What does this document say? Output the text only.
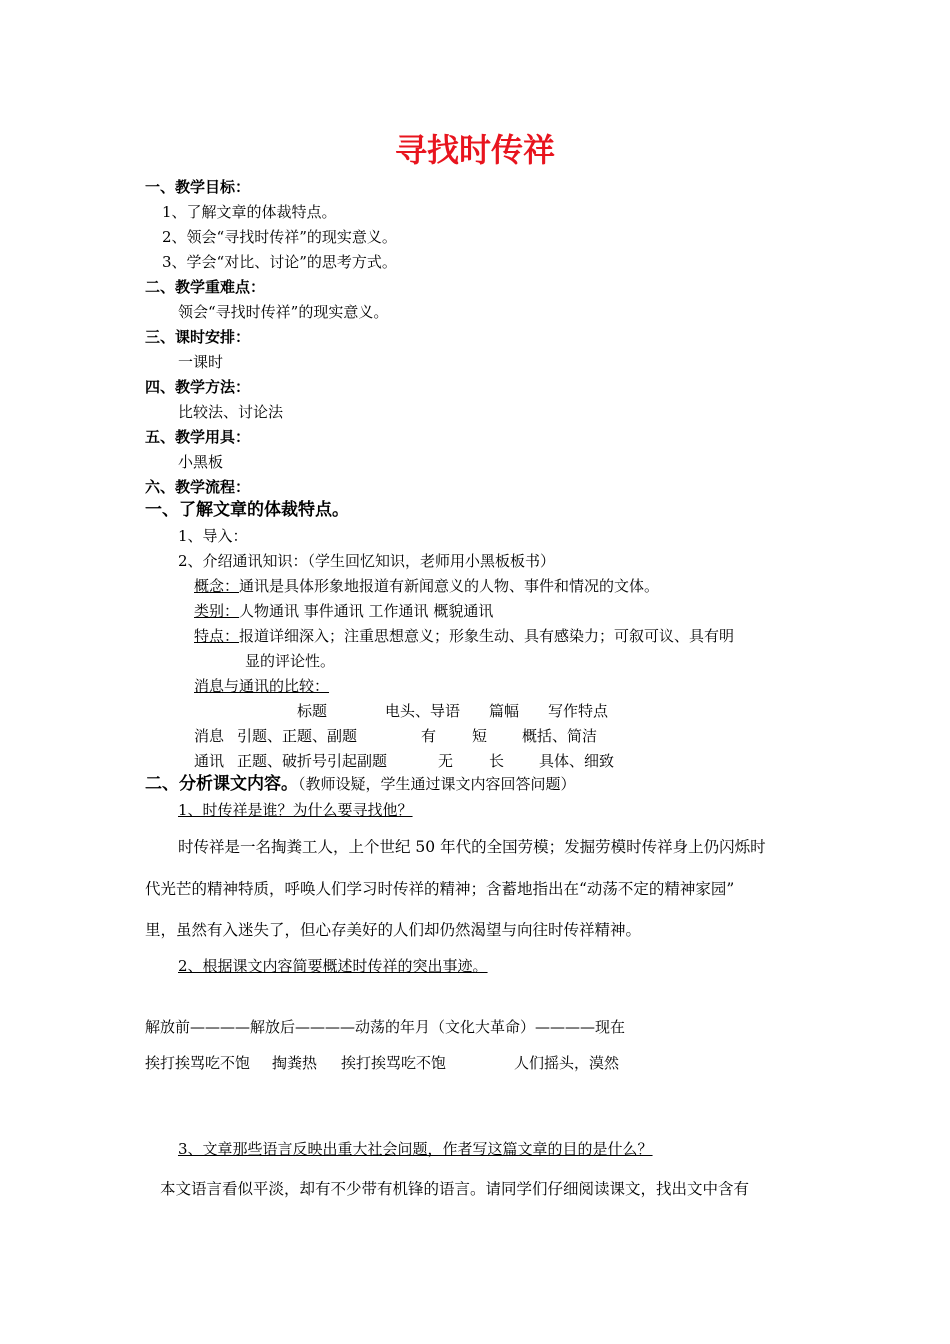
寻找时传祥
一、教学目标：
1、了解文章的体裁特点。
2、领会“寻找时传祥”的现实意义。
3、学会“对比、讨论”的思考方式。
二、教学重难点：
领会“寻找时传祥”的现实意义。
三、课时安排：
一课时
四、教学方法：
比较法、讨论法
五、教学用具：
小黑板
六、教学流程：
一、了解文章的体裁特点。
1、导入：
2、介绍通讯知识：（学生回忆知识，老师用小黑板板书）
概念：通讯是具体形象地报道有新闻意义的人物、事件和情况的文体。
类别：人物通讯 事件通讯 工作通讯 概貌通讯
特点：报道详细深入；注重思想意义；形象生动、具有感染力；可叙可议、具有明
显的评论性。
消息与通讯的比较：
标题	电头、导语 篇幅 写作特点
消息 引题、正题、副题	有 短 概括、简洁
通讯 正题、破折号引起副题	无 长 具体、细致
二、分析课文内容。（教师设疑，学生通过课文内容回答问题）
1、时传祥是谁？为什么要寻找他？
时传祥是一名掏粪工人，上个世纪 50 年代的全国劳模；发掘劳模时传祥身上仍闪烁时
代光芒的精神特质，呼唤人们学习时传祥的精神；含蓄地指出在“动荡不定的精神家园”
里，虽然有入迷失了，但心存美好的人们却仍然渴望与向往时传祥精神。
2、根据课文内容简要概述时传祥的突出事迹。
解放前————解放后————动荡的年月（文化大革命）————现在
挨打挨骂吃不饱 掏粪热 挨打挨骂吃不饱	人们摇头，漠然
3、文章那些语言反映出重大社会问题，作者写这篇文章的目的是什么？
本文语言看似平淡，却有不少带有机锋的语言。请同学们仔细阅读课文，找出文中含有
